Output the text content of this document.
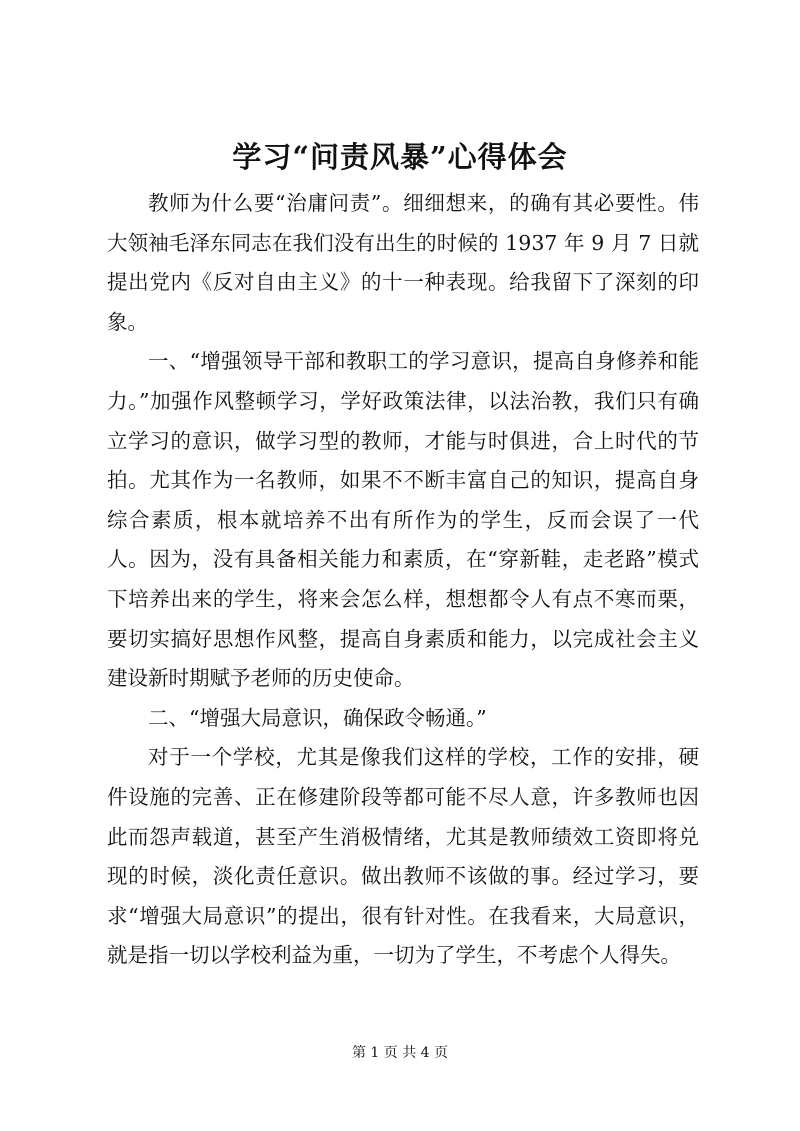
学习“问责风暴”心得体会

教师为什么要“治庸问责”。细细想来，的确有其必要性。伟大领袖毛泽东同志在我们没有出生的时候的 1937 年 9 月 7 日就提出党内《反对自由主义》的十一种表现。给我留下了深刻的印象。

一、“增强领导干部和教职工的学习意识，提高自身修养和能力。”加强作风整顿学习，学好政策法律，以法治教，我们只有确立学习的意识，做学习型的教师，才能与时俱进，合上时代的节拍。尤其作为一名教师，如果不不断丰富自己的知识，提高自身综合素质，根本就培养不出有所作为的学生，反而会误了一代人。因为，没有具备相关能力和素质，在“穿新鞋，走老路”模式下培养出来的学生，将来会怎么样，想想都令人有点不寒而栗，要切实搞好思想作风整，提高自身素质和能力，以完成社会主义建设新时期赋予老师的历史使命。

二、“增强大局意识，确保政令畅通。”

对于一个学校，尤其是像我们这样的学校，工作的安排，硬件设施的完善、正在修建阶段等都可能不尽人意，许多教师也因此而怨声载道，甚至产生消极情绪，尤其是教师绩效工资即将兑现的时候，淡化责任意识。做出教师不该做的事。经过学习，要求“增强大局意识”的提出，很有针对性。在我看来，大局意识，就是指一切以学校利益为重，一切为了学生，不考虑个人得失。

第 1 页 共 4 页
